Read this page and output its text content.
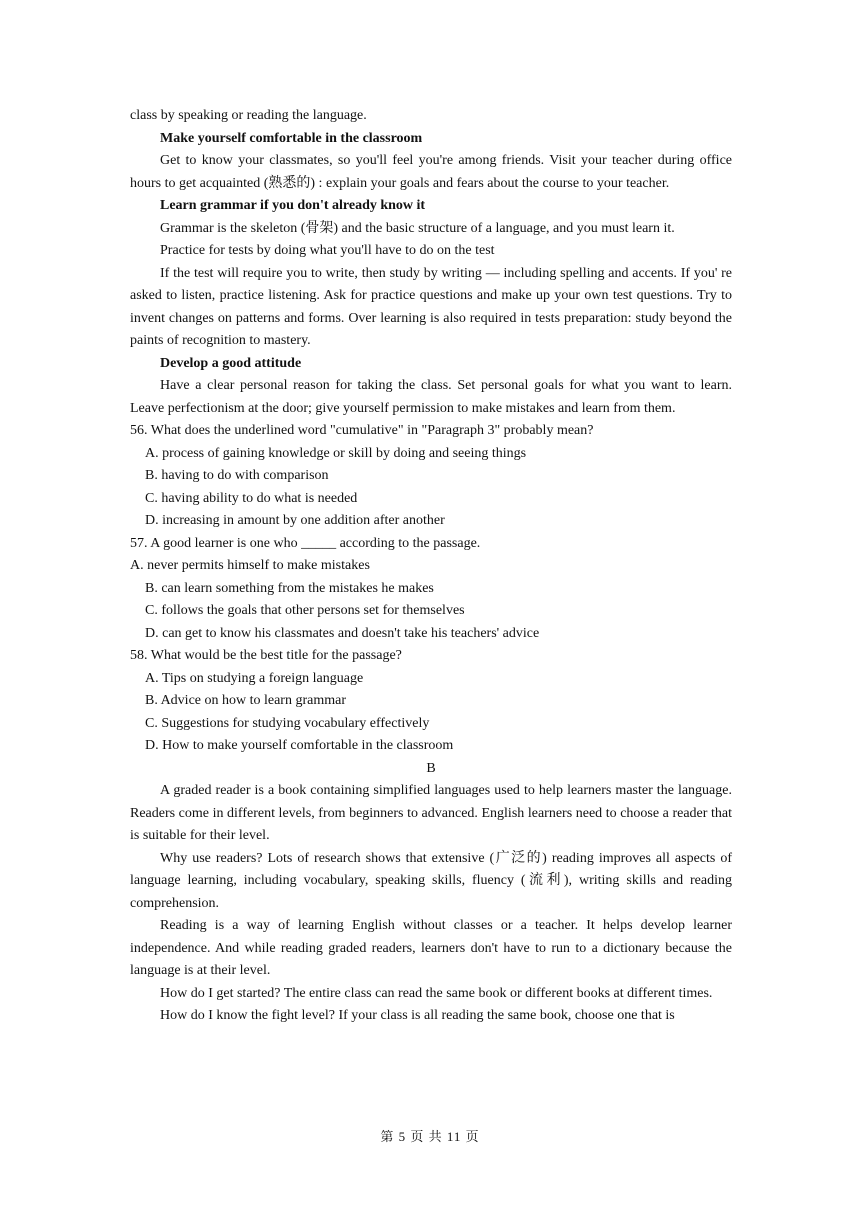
class by speaking or reading the language.

Make yourself comfortable in the classroom

Get to know your classmates, so you'll feel you're among friends. Visit your teacher during office hours to get acquainted (熟悉的) : explain your goals and fears about the course to your teacher.

Learn grammar if you don't already know it

Grammar is the skeleton (骨架) and the basic structure of a language, and you must learn it.

Practice for tests by doing what you'll have to do on the test

If the test will require you to write, then study by writing — including spelling and accents. If you' re asked to listen, practice listening. Ask for practice questions and make up your own test questions. Try to invent changes on patterns and forms. Over learning is also required in tests preparation: study beyond the paints of recognition to mastery.

Develop a good attitude

Have a clear personal reason for taking the class. Set personal goals for what you want to learn. Leave perfectionism at the door; give yourself permission to make mistakes and learn from them.

56. What does the underlined word "cumulative" in "Paragraph 3" probably mean?

A. process of gaining knowledge or skill by doing and seeing things

B. having to do with comparison

C. having ability to do what is needed

D. increasing in amount by one addition after another

57. A good learner is one who _____ according to the passage.

A. never permits himself to make mistakes

B. can learn something from the mistakes he makes

C. follows the goals that other persons set for themselves

D. can get to know his classmates and doesn't take his teachers' advice

58. What would be the best title for the passage?

A. Tips on studying a foreign language

B. Advice on how to learn grammar

C. Suggestions for studying vocabulary effectively

D. How to make yourself comfortable in the classroom

B

A graded reader is a book containing simplified languages used to help learners master the language. Readers come in different levels, from beginners to advanced. English learners need to choose a reader that is suitable for their level.

Why use readers? Lots of research shows that extensive (广泛的) reading improves all aspects of language learning, including vocabulary, speaking skills, fluency (流利), writing skills and reading comprehension.

Reading is a way of learning English without classes or a teacher. It helps develop learner independence. And while reading graded readers, learners don't have to run to a dictionary because the language is at their level.

How do I get started? The entire class can read the same book or different books at different times.

How do I know the fight level? If your class is all reading the same book, choose one that is

第 5 页 共 11 页
